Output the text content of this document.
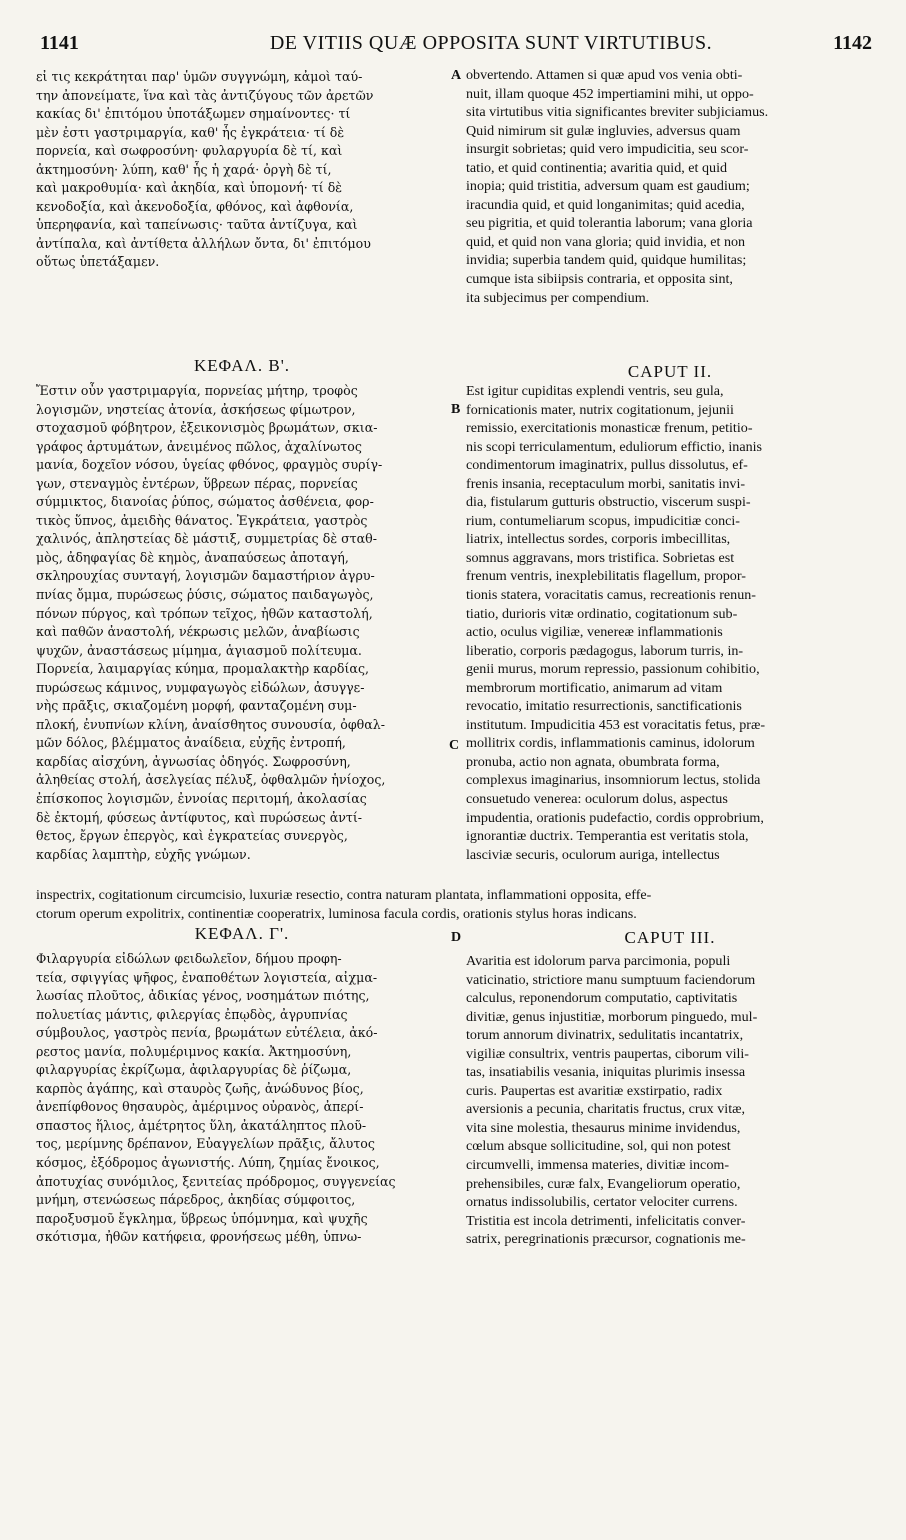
1141	DE VITIIS QUÆ OPPOSITA SUNT VIRTUTIBUS.	1142
εἰ τις κεκράτηται παρ' ὑμῶν συγγνώμη, κἀμοὶ ταύ-
την ἀπονείματε, ἵνα καὶ τὰς ἀντιζύγους τῶν ἀρετῶν
κακίας δι' ἐπιτόμου ὑποτάξωμεν σημαίνοντες· τί
μὲν ἐστι γαστριμαργία, καθ' ἧς ἐγκράτεια· τί δὲ
πορνεία, καὶ σωφροσύνη· φυλαργυρία δὲ τί, καὶ
ἀκτημοσύνη· λύπη, καθ' ἧς ἡ χαρά· ὀργὴ δὲ τί,
καὶ μακροθυμία· καὶ ἀκηδία, καὶ ὑπομονή· τί δὲ
κενοδοξία, καὶ ἀκενοδοξία, φθόνος, καὶ ἀφθονία,
ὑπερηφανία, καὶ ταπείνωσις· ταῦτα ἀντίζυγα, καὶ
ἀντίπαλα, καὶ ἀντίθετα ἀλλήλων ὄντα, δι' ἐπιτόμου
οὕτως ὑπετάξαμεν.
A obvertendo. Attamen si quæ apud vos venia obti-
nuit, illam quoque 452 impertiamini mihi, ut oppo-
sita virtutibus vitia significantes breviter subjiciamus.
Quid nimirum sit gulæ ingluvies, adversus quam
insurgit sobrietas; quid vero impudicitia, seu scor-
tatio, et quid continentia; avaritia quid, et quid
inopia; quid tristitia, adversum quam est gaudium;
iracundia quid, et quid longanimitas; quid acedia,
seu pigritia, et quid tolerantia laborum; vana gloria
quid, et quid non vana gloria; quid invidia, et non
invidia; superbia tandem quid, quidque humilitas;
cumque ista sibiipsis contraria, et opposita sint,
ita subjecimus per compendium.
ΚΕΦΑΛ. Β'.	CAPUT II.
Ἔστιν οὖν γαστριμαργία, πορνείας μήτηρ, τροφὸς
λογισμῶν, νηστείας ἀτονία, ἀσκήσεως φίμωτρον,
στοχασμοῦ φόβητρον, ἐξεικονισμὸς βρωμάτων, σκια-
γράφος ἀρτυμάτων, ἀνειμένος πῶλος, ἀχαλίνωτος
μανία, δοχεῖον νόσου, ὑγείας φθόνος, φραγμὸς συρίγ-
γων, στεναγμὸς ἐντέρων, ὕβρεων πέρας, πορνείας
σύμμικτος, διανοίας ῥύπος, σώματος ἀσθένεια, φορ-
τικὸς ὕπνος, ἀμειδὴς θάνατος. Ἐγκράτεια, γαστρὸς
χαλινός, ἀπληστείας δὲ μάστιξ, συμμετρίας δὲ σταθ-
μὸς, ἀδηφαγίας δὲ κημὸς, ἀναπαύσεως ἀποταγή,
σκληρουχίας συνταγή, λογισμῶν δαμαστήριον ἀγρυ-
πνίας ὄμμα, πυρώσεως ῥύσις, σώματος παιδαγωγὸς,
πόνων πύργος, καὶ τρόπων τεῖχος, ἠθῶν καταστολή,
καὶ παθῶν ἀναστολή, νέκρωσις μελῶν, ἀναβίωσις
ψυχῶν, ἀναστάσεως μίμημα, ἁγιασμοῦ πολίτευμα.
Πορνεία, λαιμαργίας κύημα, προμαλακτὴρ καρδίας,
πυρώσεως κάμινος, νυμφαγωγὸς εἰδώλων, ἀσυγγε-
νὴς πρᾶξις, σκιαζομένη μορφή, φανταζομένη συμ-
πλοκή, ἐνυπνίων κλίνη, ἀναίσθητος συνουσία, ὀφθαλ-
μῶν δόλος, βλέμματος ἀναίδεια, εὐχῆς ἐντροπή,
καρδίας αἰσχύνη, ἀγνωσίας ὁδηγός. Σωφροσύνη,
ἀληθείας στολή, ἀσελγείας πέλυξ, ὀφθαλμῶν ἡνίοχος,
ἐπίσκοπος λογισμῶν, ἐννοίας περιτομή, ἀκολασίας
δὲ ἐκτομή, φύσεως ἀντίφυτος, καὶ πυρώσεως ἀντί-
θετος, ἔργων ἐπεργὸς, καὶ ἐγκρατείας συνεργὸς,
καρδίας λαμπτὴρ, εὐχῆς γνώμων.
B
C
Est igitur cupiditas explendi ventris, seu gula,
fornicationis mater, nutrix cogitationum, jejunii
remissio, exercitationis monasticæ frenum, petitio-
nis scopi terriculamentum, eduliorum effictio, inanis
condimentorum imaginatrix, pullus dissolutus, ef-
frenis insania, receptaculum morbi, sanitatis invi-
dia, fistularum gutturis obstructio, viscerum suspi-
rium, contumeliarum scopus, impudicitiæ conci-
liatrix, intellectus sordes, corporis imbecillitas,
somnus aggravans, mors tristifica. Sobrietas est
frenum ventris, inexplebilitatis flagellum, propor-
tionis statera, voracitatis camus, recreationis renun-
tiatio, durioris vitæ ordinatio, cogitationum sub-
actio, oculus vigiliæ, venereæ inflammationis
liberatio, corporis pædagogus, laborum turris, in-
genii murus, morum repressio, passionum cohibitio,
membrorum mortificatio, animarum ad vitam
revocatio, imitatio resurrectionis, sanctificationis
institutum. Impudicitia 453 est voracitatis fetus, præ-
mollitrix cordis, inflammationis caminus, idolorum
pronuba, actio non agnata, obumbrata forma,
complexus imaginarius, insomniorum lectus, stolida
consuetudo venerea: oculorum dolus, aspectus
impudentia, orationis pudefactio, cordis opprobrium,
ignorantiæ ductrix. Temperantia est veritatis stola,
lasciviæ securis, oculorum auriga, intellectus
inspectrix, cogitationum circumcisio, luxuriæ resectio, contra naturam plantata, inflammationi opposita, effe-
ctorum operum expolitrix, continentiæ cooperatrix, luminosa facula cordis, orationis stylus horas indicans.
ΚΕΦΑΛ. Γ'.	D	CAPUT III.
Φιλαργυρία εἰδώλων φειδωλεῖον, δήμου προφη-
τεία, σφιγγίας ψῆφος, ἐναποθέτων λογιστεία, αἰχμα-
λωσίας πλοῦτος, ἀδικίας γένος, νοσημάτων πιότης,
πολυετίας μάντις, φιλεργίας ἐπῳδὸς, ἀγρυπνίας
σύμβουλος, γαστρὸς πενία, βρωμάτων εὐτέλεια, ἀκό-
ρεστος μανία, πολυμέριμνος κακία. Ἀκτημοσύνη,
φιλαργυρίας ἐκρίζωμα, ἀφιλαργυρίας δὲ ῥίζωμα,
καρπὸς ἀγάπης, καὶ σταυρὸς ζωῆς, ἀνώδυνος βίος,
ἀνεπίφθονος θησαυρὸς, ἀμέριμνος οὐρανὸς, ἀπερί-
σπαστος ἥλιος, ἀμέτρητος ὕλη, ἀκατάληπτος πλοῦ-
τος, μερίμνης δρέπανον, Εὐαγγελίων πρᾶξις, ἄλυτος
κόσμος, ἐξόδρομος ἀγωνιστής. Λύπη, ζημίας ἔνοικος,
ἀποτυχίας συνόμιλος, ξενιτείας πρόδρομος, συγγενείας
μνήμη, στενώσεως πάρεδρος, ἀκηδίας σύμφοιτος,
παροξυσμοῦ ἔγκλημα, ὕβρεως ὑπόμνημα, καὶ ψυχῆς
σκότισμα, ἠθῶν κατήφεια, φρονήσεως μέθη, ὑπνω-
Avaritia est idolorum parva parcimonia, populi
vaticinatio, strictiore manu sumptuum faciendorum
calculus, reponendorum computatio, captivitatis
divitiæ, genus injustitiæ, morborum pinguedo, mul-
torum annorum divinatrix, sedulitatis incantatrix,
vigiliæ consultrix, ventris paupertas, ciborum vili-
tas, insatiabilis vesania, iniquitas plurimis insessa
curis. Paupertas est avaritiæ exstirpatio, radix
aversionis a pecunia, charitatis fructus, crux vitæ,
vita sine molestia, thesaurus minime invidendus,
cœlum absque sollicitudine, sol, qui non potest
circumvelli, immensa materies, divitiæ incom-
prehensibiles, curæ falx, Evangeliorum operatio,
ornatus indissolubilis, certator velociter currens.
Tristitia est incola detrimenti, infelicitatis conver-
satrix, peregrinationis præcursor, cognationis me-
